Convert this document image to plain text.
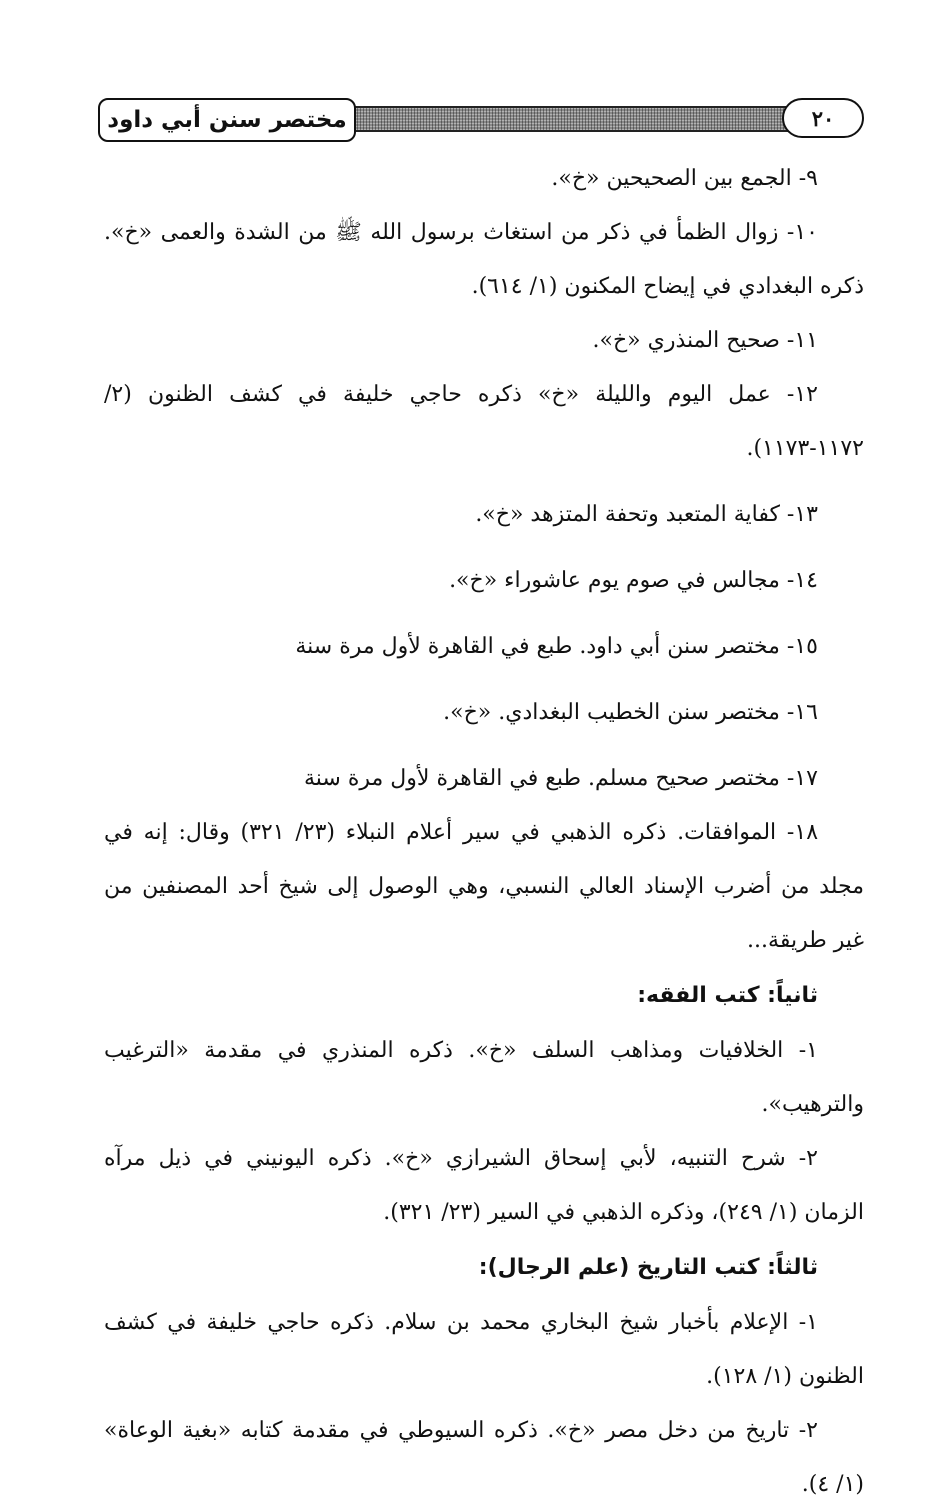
مختصر سنن أبي داود	٢٠

٩- الجمع بين الصحيحين «خ».

١٠- زوال الظمأ في ذكر من استغاث برسول الله ﷺ من الشدة والعمى «خ». ذكره البغدادي في إيضاح المكنون (١/ ٦١٤).

١١- صحيح المنذري «خ».

١٢- عمل اليوم والليلة «خ» ذكره حاجي خليفة في كشف الظنون (٢/ ١١٧٢-١١٧٣).

١٣- كفاية المتعبد وتحفة المتزهد «خ».

١٤- مجالس في صوم يوم عاشوراء «خ».

١٥- مختصر سنن أبي داود. طبع في القاهرة لأول مرة سنة

١٦- مختصر سنن الخطيب البغدادي. «خ».

١٧- مختصر صحيح مسلم. طبع في القاهرة لأول مرة سنة

١٨- الموافقات. ذكره الذهبي في سير أعلام النبلاء (٢٣/ ٣٢١) وقال: إنه في مجلد من أضرب الإسناد العالي النسبي، وهي الوصول إلى شيخ أحد المصنفين من غير طريقة...

ثانياً: كتب الفقه:

١- الخلافيات ومذاهب السلف «خ». ذكره المنذري في مقدمة «الترغيب والترهيب».

٢- شرح التنبيه، لأبي إسحاق الشيرازي «خ». ذكره اليونيني في ذيل مرآه الزمان (١/ ٢٤٩)، وذكره الذهبي في السير (٢٣/ ٣٢١).

ثالثاً: كتب التاريخ (علم الرجال):

١- الإعلام بأخبار شيخ البخاري محمد بن سلام. ذكره حاجي خليفة في كشف الظنون (١/ ١٢٨).

٢- تاريخ من دخل مصر «خ». ذكره السيوطي في مقدمة كتابه «بغية الوعاة» (١/ ٤).
